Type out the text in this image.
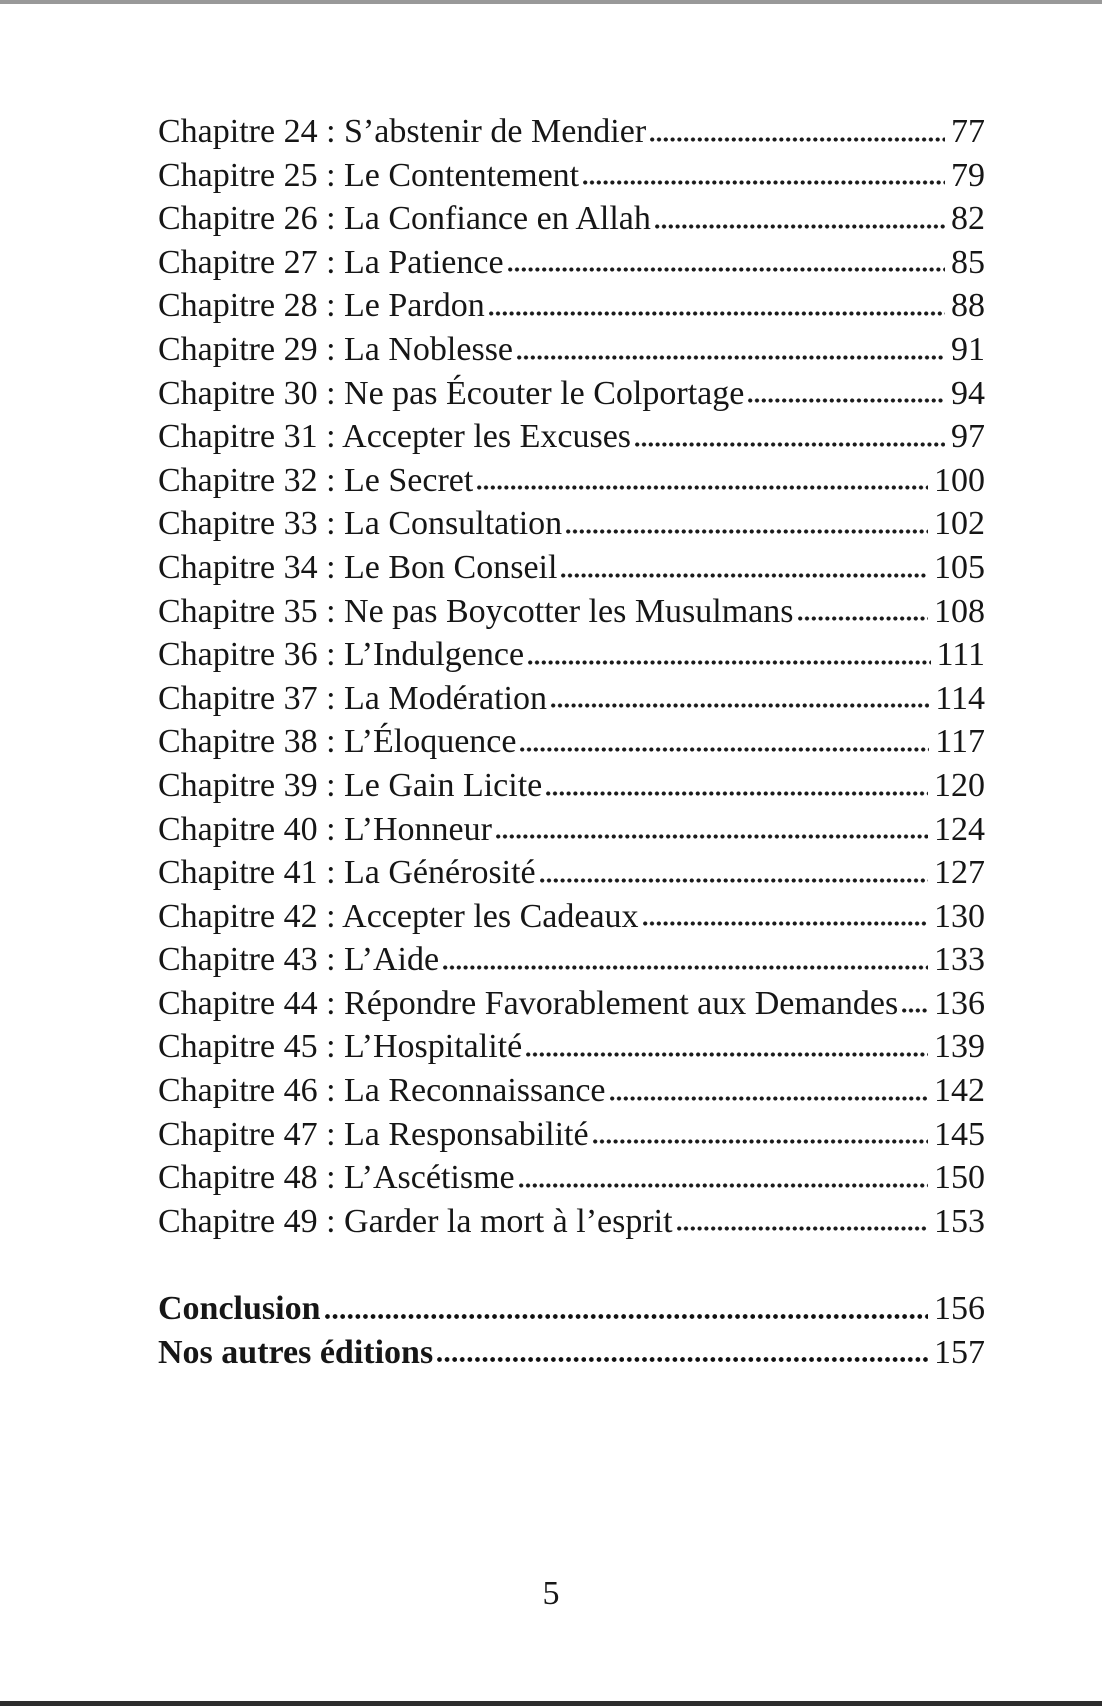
Chapitre 24 : S’abstenir de Mendier	77
Chapitre 25 : Le Contentement	79
Chapitre 26 : La Confiance en Allah	82
Chapitre 27 : La Patience	85
Chapitre 28 : Le Pardon	88
Chapitre 29 : La Noblesse	91
Chapitre 30 : Ne pas Écouter le Colportage	94
Chapitre 31 : Accepter les Excuses	97
Chapitre 32 : Le Secret	100
Chapitre 33 : La Consultation	102
Chapitre 34 : Le Bon Conseil	105
Chapitre 35 : Ne pas Boycotter les Musulmans	108
Chapitre 36 : L’Indulgence	111
Chapitre 37 : La Modération	114
Chapitre 38 : L’Éloquence	117
Chapitre 39 : Le Gain Licite	120
Chapitre 40 : L’Honneur	124
Chapitre 41 : La Générosité	127
Chapitre 42 : Accepter les Cadeaux	130
Chapitre 43 : L’Aide	133
Chapitre 44 : Répondre Favorablement aux Demandes 136
Chapitre 45 : L’Hospitalité	139
Chapitre 46 : La Reconnaissance	142
Chapitre 47 : La Responsabilité	145
Chapitre 48 : L’Ascétisme	150
Chapitre 49 : Garder la mort à l’esprit	153
Conclusion	156
Nos autres éditions	157
5
